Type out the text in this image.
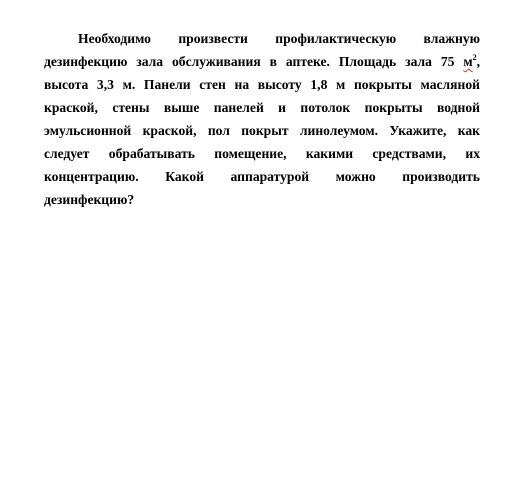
Необходимо произвести профилактическую влажную дезинфекцию зала обслуживания в аптеке. Площадь зала 75 $м^2$, высота 3,3 м. Панели стен на высоту 1,8 м покрыты масляной краской, стены выше панелей и потолок покрыты водной эмульсионной краской, пол покрыт линолеумом. Укажите, как следует обрабатывать помещение, какими средствами, их концентрацию. Какой аппаратурой можно производить дезинфекцию?
